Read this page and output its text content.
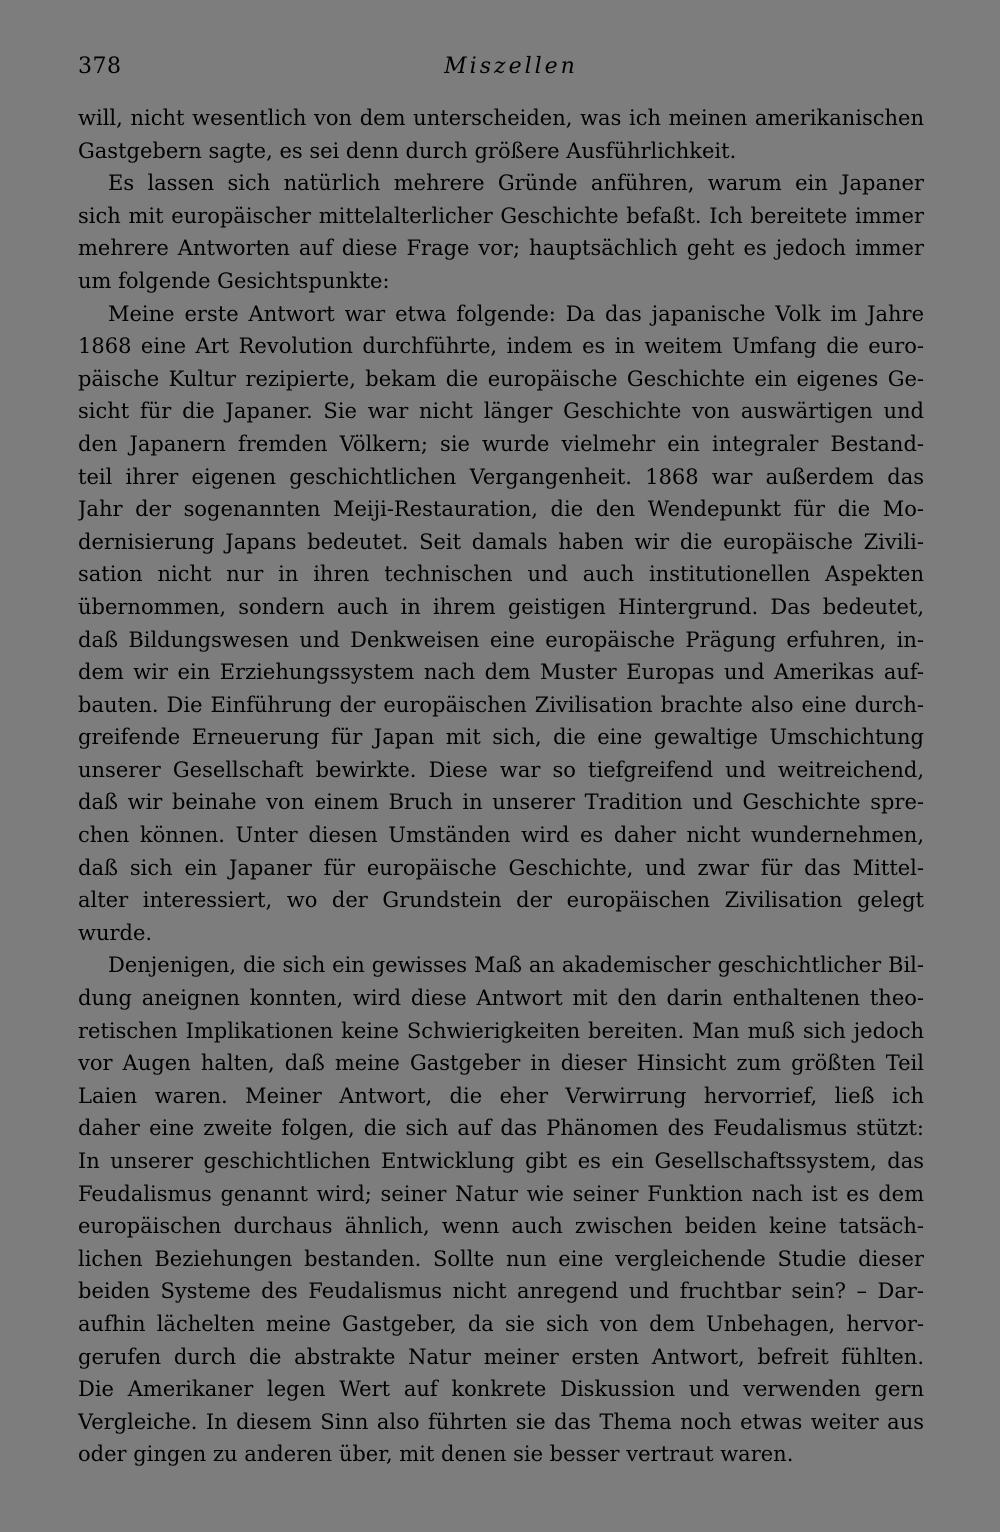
378	Miszellen
will, nicht wesentlich von dem unterscheiden, was ich meinen amerikanischen
Gastgebern sagte, es sei denn durch größere Ausführlichkeit.
Es lassen sich natürlich mehrere Gründe anführen, warum ein Japaner
sich mit europäischer mittelalterlicher Geschichte befaßt. Ich bereitete immer
mehrere Antworten auf diese Frage vor; hauptsächlich geht es jedoch immer
um folgende Gesichtspunkte:
Meine erste Antwort war etwa folgende: Da das japanische Volk im Jahre
1868 eine Art Revolution durchführte, indem es in weitem Umfang die euro-
päische Kultur rezipierte, bekam die europäische Geschichte ein eigenes Ge-
sicht für die Japaner. Sie war nicht länger Geschichte von auswärtigen und
den Japanern fremden Völkern; sie wurde vielmehr ein integraler Bestand-
teil ihrer eigenen geschichtlichen Vergangenheit. 1868 war außerdem das
Jahr der sogenannten Meiji-Restauration, die den Wendepunkt für die Mo-
dernisierung Japans bedeutet. Seit damals haben wir die europäische Zivili-
sation nicht nur in ihren technischen und auch institutionellen Aspekten
übernommen, sondern auch in ihrem geistigen Hintergrund. Das bedeutet,
daß Bildungswesen und Denkweisen eine europäische Prägung erfuhren, in-
dem wir ein Erziehungssystem nach dem Muster Europas und Amerikas auf-
bauten. Die Einführung der europäischen Zivilisation brachte also eine durch-
greifende Erneuerung für Japan mit sich, die eine gewaltige Umschichtung
unserer Gesellschaft bewirkte. Diese war so tiefgreifend und weitreichend,
daß wir beinahe von einem Bruch in unserer Tradition und Geschichte spre-
chen können. Unter diesen Umständen wird es daher nicht wundernehmen,
daß sich ein Japaner für europäische Geschichte, und zwar für das Mittel-
alter interessiert, wo der Grundstein der europäischen Zivilisation gelegt
wurde.
Denjenigen, die sich ein gewisses Maß an akademischer geschichtlicher Bil-
dung aneignen konnten, wird diese Antwort mit den darin enthaltenen theo-
retischen Implikationen keine Schwierigkeiten bereiten. Man muß sich jedoch
vor Augen halten, daß meine Gastgeber in dieser Hinsicht zum größten Teil
Laien waren. Meiner Antwort, die eher Verwirrung hervorrief, ließ ich
daher eine zweite folgen, die sich auf das Phänomen des Feudalismus stützt:
In unserer geschichtlichen Entwicklung gibt es ein Gesellschaftssystem, das
Feudalismus genannt wird; seiner Natur wie seiner Funktion nach ist es dem
europäischen durchaus ähnlich, wenn auch zwischen beiden keine tatsäch-
lichen Beziehungen bestanden. Sollte nun eine vergleichende Studie dieser
beiden Systeme des Feudalismus nicht anregend und fruchtbar sein? – Dar-
aufhin lächelten meine Gastgeber, da sie sich von dem Unbehagen, hervor-
gerufen durch die abstrakte Natur meiner ersten Antwort, befreit fühlten.
Die Amerikaner legen Wert auf konkrete Diskussion und verwenden gern
Vergleiche. In diesem Sinn also führten sie das Thema noch etwas weiter aus
oder gingen zu anderen über, mit denen sie besser vertraut waren.
